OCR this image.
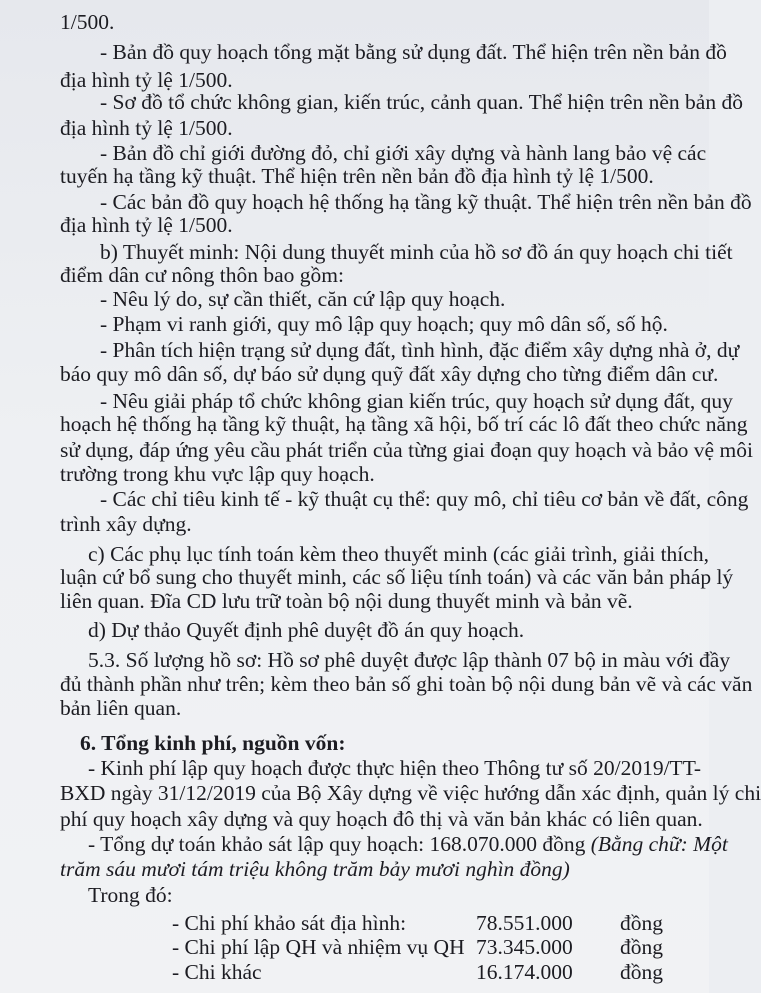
1/500.
- Bản đồ quy hoạch tổng mặt bằng sử dụng đất. Thể hiện trên nền bản đồ
địa hình tỷ lệ 1/500.
- Sơ đồ tổ chức không gian, kiến trúc, cảnh quan. Thể hiện trên nền bản đồ
địa hình tỷ lệ 1/500.
- Bản đồ chỉ giới đường đỏ, chỉ giới xây dựng và hành lang bảo vệ các
tuyến hạ tầng kỹ thuật. Thể hiện trên nền bản đồ địa hình tỷ lệ 1/500.
- Các bản đồ quy hoạch hệ thống hạ tầng kỹ thuật. Thể hiện trên nền bản đồ
địa hình tỷ lệ 1/500.
b) Thuyết minh: Nội dung thuyết minh của hồ sơ đồ án quy hoạch chi tiết
điểm dân cư nông thôn bao gồm:
- Nêu lý do, sự cần thiết, căn cứ lập quy hoạch.
- Phạm vi ranh giới, quy mô lập quy hoạch; quy mô dân số, số hộ.
- Phân tích hiện trạng sử dụng đất, tình hình, đặc điểm xây dựng nhà ở, dự
báo quy mô dân số, dự báo sử dụng quỹ đất xây dựng cho từng điểm dân cư.
- Nêu giải pháp tổ chức không gian kiến trúc, quy hoạch sử dụng đất, quy
hoạch hệ thống hạ tầng kỹ thuật, hạ tầng xã hội, bố trí các lô đất theo chức năng
sử dụng, đáp ứng yêu cầu phát triển của từng giai đoạn quy hoạch và bảo vệ môi
trường trong khu vực lập quy hoạch.
- Các chỉ tiêu kinh tế - kỹ thuật cụ thể: quy mô, chỉ tiêu cơ bản về đất, công
trình xây dựng.
c) Các phụ lục tính toán kèm theo thuyết minh (các giải trình, giải thích,
luận cứ bổ sung cho thuyết minh, các số liệu tính toán) và các văn bản pháp lý
liên quan. Đĩa CD lưu trữ toàn bộ nội dung thuyết minh và bản vẽ.
d) Dự thảo Quyết định phê duyệt đồ án quy hoạch.
5.3. Số lượng hồ sơ: Hồ sơ phê duyệt được lập thành 07 bộ in màu với đầy
đủ thành phần như trên; kèm theo bản số ghi toàn bộ nội dung bản vẽ và các văn
bản liên quan.
6. Tổng kinh phí, nguồn vốn:
- Kinh phí lập quy hoạch được thực hiện theo Thông tư số 20/2019/TT-
BXD ngày 31/12/2019 của Bộ Xây dựng về việc hướng dẫn xác định, quản lý chi
phí quy hoạch xây dựng và quy hoạch đô thị và văn bản khác có liên quan.
- Tổng dự toán khảo sát lập quy hoạch: 168.070.000 đồng (Bằng chữ: Một
trăm sáu mươi tám triệu không trăm bảy mươi nghìn đồng)
Trong đó:
- Chi phí khảo sát địa hình:	78.551.000 đồng
- Chi phí lập QH và nhiệm vụ QH 73.345.000 đồng
- Chi khác	16.174.000 đồng
